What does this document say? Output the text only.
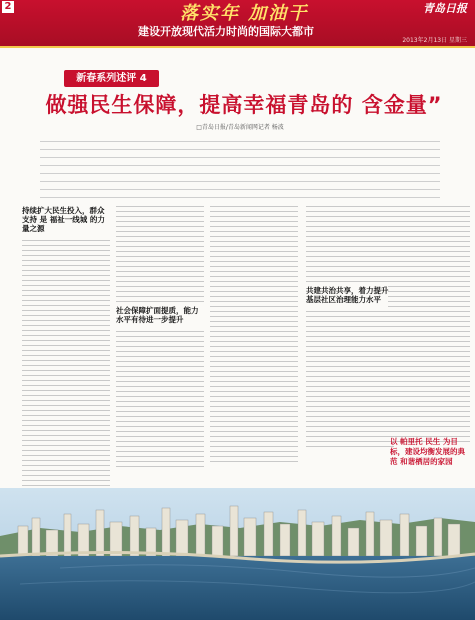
2	落实年 加油干
建设开放现代活力时尚的国际大都市
青岛日报
2013年2月13日 星期三
新春系列述评 4
做强民生保障，提高幸福青岛的 含金量”
□青岛日报/青岛新闻网记者 杨波
持续扩大民生投入，群众支持 是 福祉一线城 的力量之源
社会保障扩面提质，能力水平有待进一步提升
共建共治共享，着力提升 基层社区治理能力水平
以 帕里托 民生 为目标，建设均衡发展的典范 和谐栖居的家园
